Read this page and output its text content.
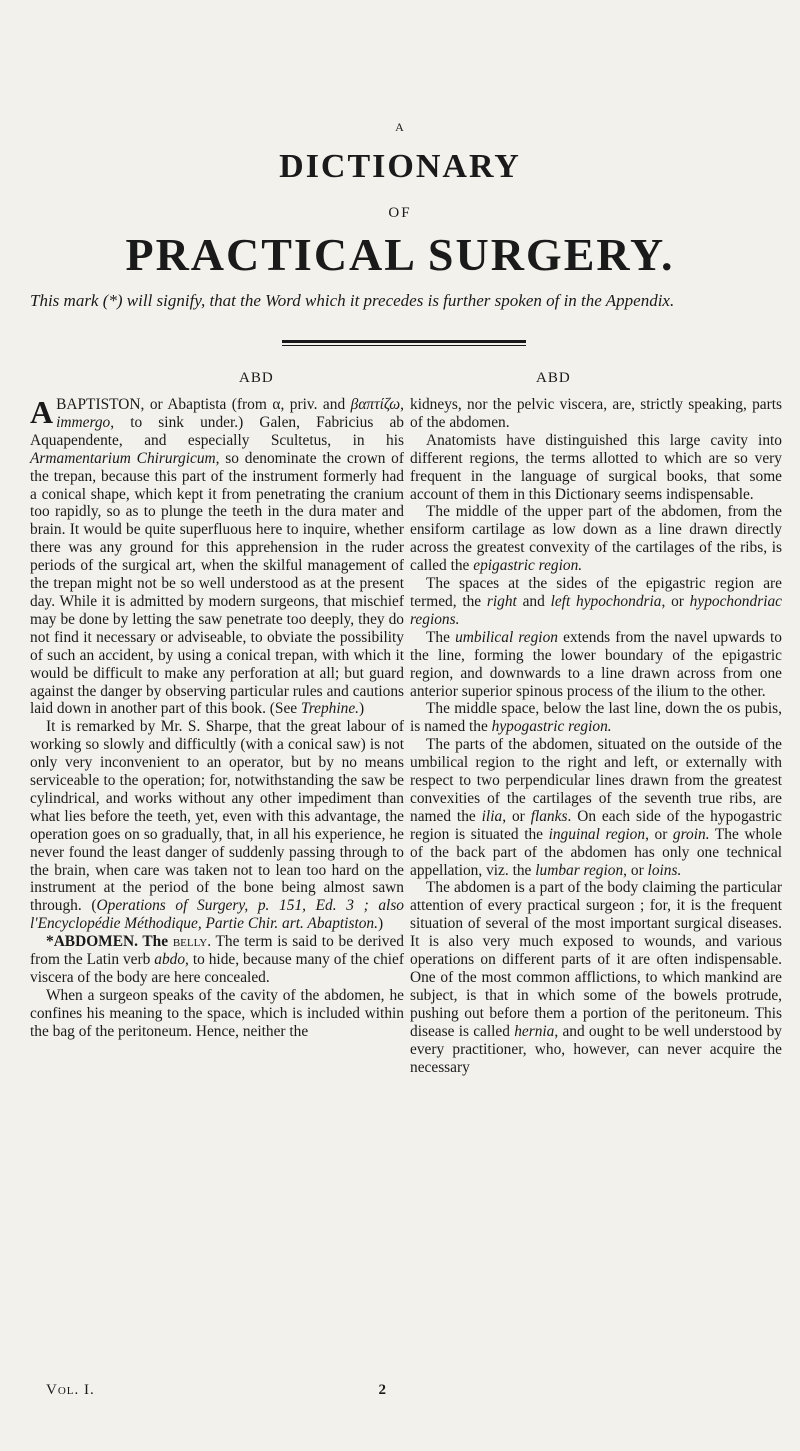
A
DICTIONARY
OF
PRACTICAL SURGERY.
This mark (*) will signify, that the Word which it precedes is further spoken of in the Appendix.
ABD	ABD

ABAPTISTON, or Abaptista (from α, priv. and βαπτίζω, immergo, to sink under.) Galen, Fabricius ab Aquapendente, and especially Scultetus, in his Armamentarium Chirurgicum, so denominate the crown of the trepan, because this part of the instrument formerly had a conical shape, which kept it from penetrating the cranium too rapidly, so as to plunge the teeth in the dura mater and brain. It would be quite superfluous here to inquire, whether there was any ground for this apprehension in the ruder periods of the surgical art, when the skilful management of the trepan might not be so well understood as at the present day. While it is admitted by modern surgeons, that mischief may be done by letting the saw penetrate too deeply, they do not find it necessary or adviseable, to obviate the possibility of such an accident, by using a conical trepan, with which it would be difficult to make any perforation at all; but guard against the danger by observing particular rules and cautions laid down in another part of this book. (See Trephine.)

It is remarked by Mr. S. Sharpe, that the great labour of working so slowly and difficultly (with a conical saw) is not only very inconvenient to an operator, but by no means serviceable to the operation; for, notwithstanding the saw be cylindrical, and works without any other impediment than what lies before the teeth, yet, even with this advantage, the operation goes on so gradually, that, in all his experience, he never found the least danger of suddenly passing through to the brain, when care was taken not to lean too hard on the instrument at the period of the bone being almost sawn through. (Operations of Surgery, p. 151, Ed. 3 ; also l'Encyclopédie Méthodique, Partie Chir. art. Abaptiston.)

*ABDOMEN. The belly. The term is said to be derived from the Latin verb abdo, to hide, because many of the chief viscera of the body are here concealed.

When a surgeon speaks of the cavity of the abdomen, he confines his meaning to the space, which is included within the bag of the peritoneum. Hence, neither the

kidneys, nor the pelvic viscera, are, strictly speaking, parts of the abdomen.

Anatomists have distinguished this large cavity into different regions, the terms allotted to which are so very frequent in the language of surgical books, that some account of them in this Dictionary seems indispensable.

The middle of the upper part of the abdomen, from the ensiform cartilage as low down as a line drawn directly across the greatest convexity of the cartilages of the ribs, is called the epigastric region.

The spaces at the sides of the epigastric region are termed, the right and left hypochondria, or hypochondriac regions.

The umbilical region extends from the navel upwards to the line, forming the lower boundary of the epigastric region, and downwards to a line drawn across from one anterior superior spinous process of the ilium to the other.

The middle space, below the last line, down the os pubis, is named the hypogastric region.

The parts of the abdomen, situated on the outside of the umbilical region to the right and left, or externally with respect to two perpendicular lines drawn from the greatest convexities of the cartilages of the seventh true ribs, are named the ilia, or flanks. On each side of the hypogastric region is situated the inguinal region, or groin. The whole of the back part of the abdomen has only one technical appellation, viz. the lumbar region, or loins.

The abdomen is a part of the body claiming the particular attention of every practical surgeon ; for, it is the frequent situation of several of the most important surgical diseases. It is also very much exposed to wounds, and various operations on different parts of it are often indispensable. One of the most common afflictions, to which mankind are subject, is that in which some of the bowels protrude, pushing out before them a portion of the peritoneum. This disease is called hernia, and ought to be well understood by every practitioner, who, however, can never acquire the necessary

Vol. I.	2
